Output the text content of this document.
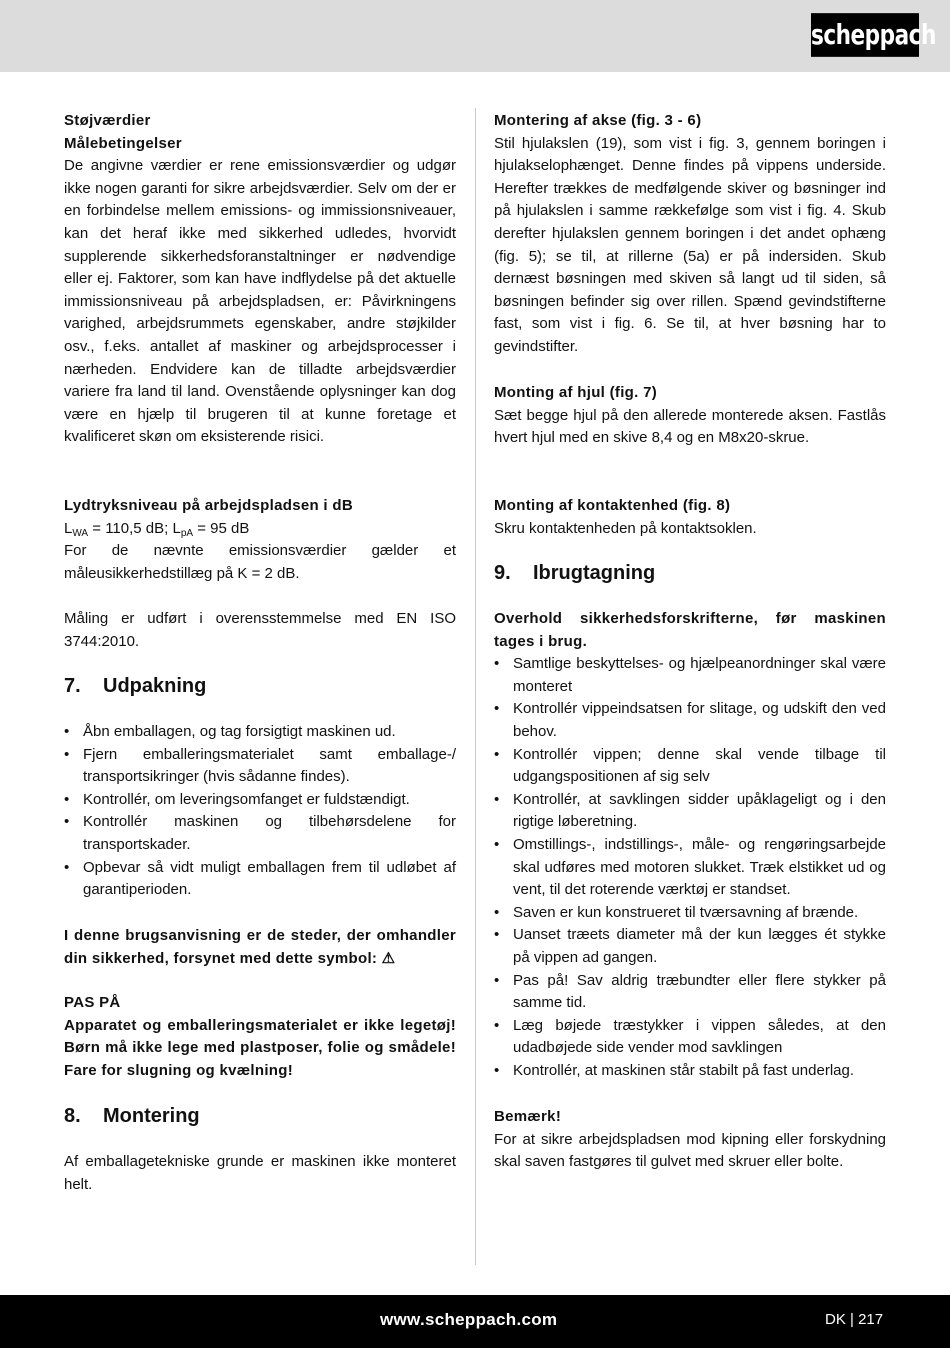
scheppach

Støjværdier

Målebetingelser

De angivne værdier er rene emissionsværdier og udgør ikke nogen garanti for sikre arbejdsværdier. Selv om der er en forbindelse mellem emissions- og immissionsniveauer, kan det heraf ikke med sikkerhed udledes, hvorvidt supplerende sikkerhedsforanstaltninger er nødvendige eller ej. Faktorer, som kan have indflydelse på det aktuelle immissionsniveau på arbejdspladsen, er: Påvirkningens varighed, arbejdsrummets egenskaber, andre støjkilder osv., f.eks. antallet af maskiner og arbejdsprocesser i nærheden. Endvidere kan de tilladte arbejdsværdier variere fra land til land. Ovenstående oplysninger kan dog være en hjælp til brugeren til at kunne foretage et kvalificeret skøn om eksisterende risici.

Lydtryksniveau på arbejdspladsen i dB

$L_{WA} = 110,5$ dB; $L_{pA} = 95$ dB

For de nævnte emissionsværdier gælder et måleusikkerhedstillæg på K = 2 dB.

Måling er udført i overensstemmelse med EN ISO 3744:2010.

7. Udpakning
• Åbn emballagen, og tag forsigtigt maskinen ud.
• Fjern emballeringsmaterialet samt emballage-/ transportsikringer (hvis sådanne findes).
• Kontrollér, om leveringsomfanget er fuldstændigt.
• Kontrollér maskinen og tilbehørsdelene for transportskader.
• Opbevar så vidt muligt emballagen frem til udløbet af garantiperioden.

I denne brugsanvisning er de steder, der omhandler din sikkerhed, forsynet med dette symbol: ⚠

PAS PÅ

Apparatet og emballeringsmaterialet er ikke legetøj! Børn må ikke lege med plastposer, folie og smådele! Fare for slugning og kvælning!

8. Montering

Af emballagetekniske grunde er maskinen ikke monteret helt.

Montering af akse (fig. 3 - 6)

Stil hjulakslen (19), som vist i fig. 3, gennem boringen i hjulakselophænget. Denne findes på vippens underside. Herefter trækkes de medfølgende skiver og bøsninger ind på hjulakslen i samme rækkefølge som vist i fig. 4. Skub derefter hjulakslen gennem boringen i det andet ophæng (fig. 5); se til, at rillerne (5a) er på indersiden. Skub dernæst bøsningen med skiven så langt ud til siden, så bøsningen befinder sig over rillen. Spænd gevindstifterne fast, som vist i fig. 6. Se til, at hver bøsning har to gevindstifter.

Monting af hjul (fig. 7)

Sæt begge hjul på den allerede monterede aksen. Fastlås hvert hjul med en skive 8,4 og en M8x20-skrue.

Monting af kontaktenhed (fig. 8)

Skru kontaktenheden på kontaktsoklen.

9. Ibrugtagning

Overhold sikkerhedsforskrifterne, før maskinen tages i brug.

• Samtlige beskyttelses- og hjælpeanordninger skal være monteret
• Kontrollér vippeindsatsen for slitage, og udskift den ved behov.
• Kontrollér vippen; denne skal vende tilbage til udgangspositionen af sig selv
• Kontrollér, at savklingen sidder upåklageligt og i den rigtige løberetning.
• Omstillings-, indstillings-, måle- og rengøringsarbejde skal udføres med motoren slukket. Træk elstikket ud og vent, til det roterende værktøj er standset.
• Saven er kun konstrueret til tværsavning af brænde.
• Uanset træets diameter må der kun lægges ét stykke på vippen ad gangen.
• Pas på! Sav aldrig træbundter eller flere stykker på samme tid.
• Læg bøjede træstykker i vippen således, at den udadbøjede side vender mod savklingen
• Kontrollér, at maskinen står stabilt på fast underlag.

Bemærk!

For at sikre arbejdspladsen mod kipning eller forskydning skal saven fastgøres til gulvet med skruer eller bolte.

www.scheppach.com	DK | 217
